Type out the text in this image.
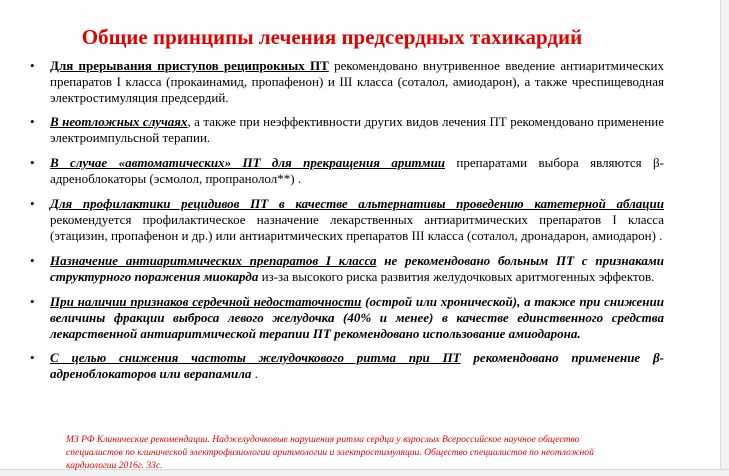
Общие принципы лечения предсердных тахикардий
• Для прерывания приступов реципрокных ПТ рекомендовано внутривенное введение антиаритмических препаратов I класса (прокаинамид, пропафенон) и III класса (соталол, амиодарон), а также чреспищеводная электростимуляция предсердий.
• В неотложных случаях, а также при неэффективности других видов лечения ПТ рекомендовано применение электроимпульсной терапии.
• В случае «автоматических» ПТ для прекращения аритмии препаратами выбора являются β-адреноблокаторы (эсмолол, пропранолол**) .
• Для профилактики рецидивов ПТ в качестве альтернативы проведению катетерной аблации рекомендуется профилактическое назначение лекарственных антиаритмических препаратов I класса (этацизин, пропафенон и др.) или антиаритмических препаратов III класса (соталол, дронадарон, амиодарон) .
• Назначение антиаритмических препаратов I класса не рекомендовано больным ПТ с признаками структурного поражения миокарда из-за высокого риска развития желудочковых аритмогенных эффектов.
• При наличии признаков сердечной недостаточности (острой или хронической), а также при снижении величины фракции выброса левого желудочка (40% и менее) в качестве единственного средства лекарственной антиаритмической терапии ПТ рекомендовано использование амиодарона.
• С целью снижения частоты желудочкового ритма при ПТ рекомендовано применение β-адреноблокаторов или верапамила .

МЗ РФ Клинические рекомендации. Наджелудочковые нарушения ритма сердца у взрослых Всероссийское научное общество специалистов по клинической электрофизиологии аритмологии и электростимуляции. Общество специалистов по неотложной кардиологии 2016г. 33с.
